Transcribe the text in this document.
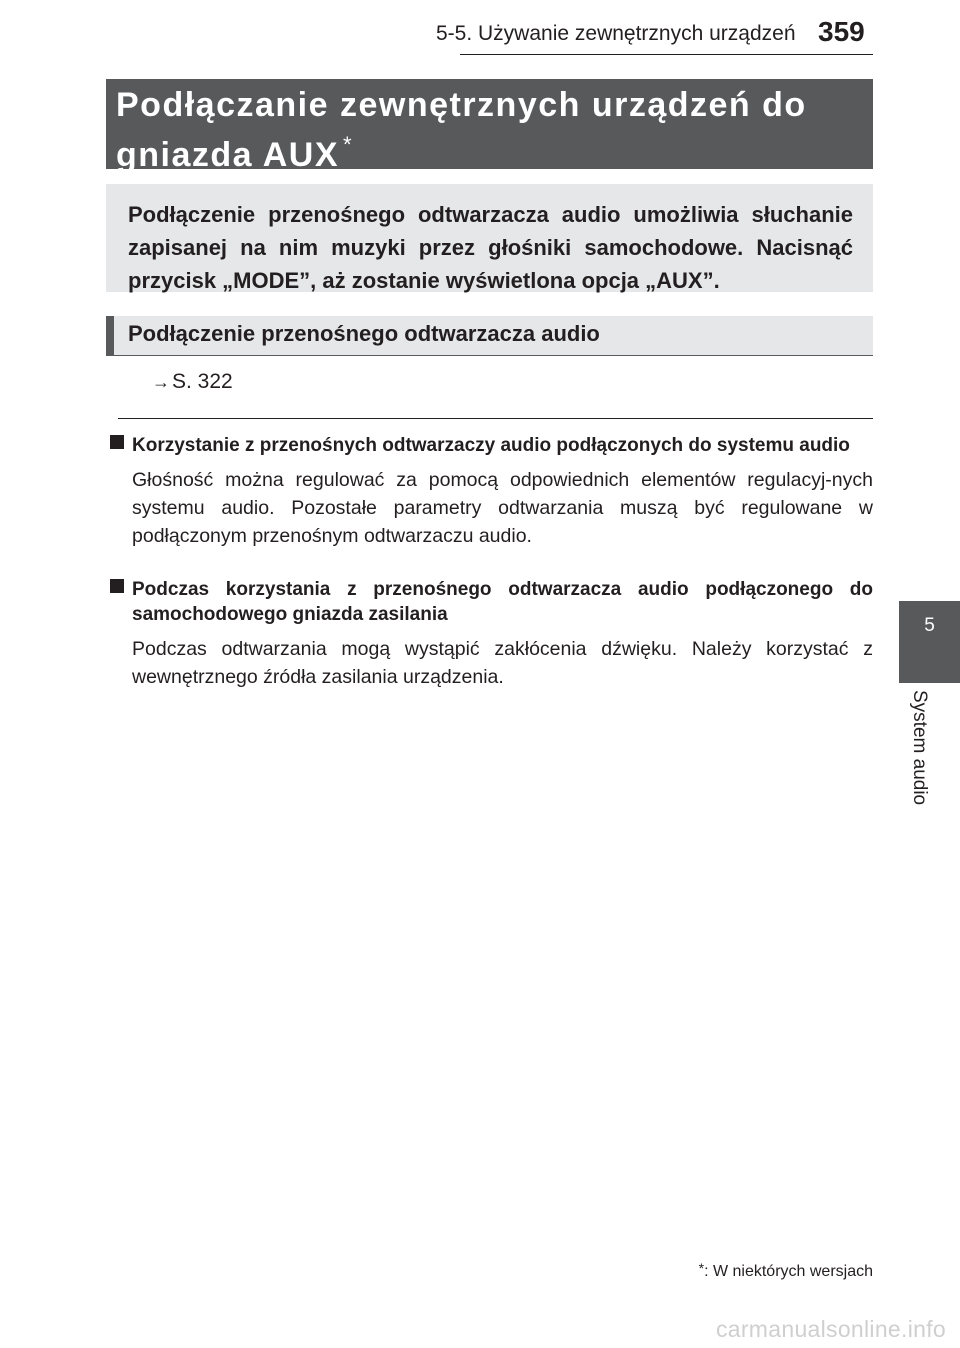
5-5. Używanie zewnętrznych urządzeń 359
Podłączanie zewnętrznych urządzeń do
gniazda AUX *
Podłączenie przenośnego odtwarzacza audio umożliwia słuchanie zapisanej na nim muzyki przez głośniki samochodowe. Nacisnąć przycisk „MODE”, aż zostanie wyświetlona opcja „AUX”.
Podłączenie przenośnego odtwarzacza audio
→S. 322
Korzystanie z przenośnych odtwarzaczy audio podłączonych do systemu audio
Głośność można regulować za pomocą odpowiednich elementów regulacyj-nych systemu audio. Pozostałe parametry odtwarzania muszą być regulowane w podłączonym przenośnym odtwarzaczu audio.
Podczas korzystania z przenośnego odtwarzacza audio podłączonego do samochodowego gniazda zasilania
Podczas odtwarzania mogą wystąpić zakłócenia dźwięku. Należy korzystać z wewnętrznego źródła zasilania urządzenia.
5
System audio
*: W niektórych wersjach
carmanualsonline.info
